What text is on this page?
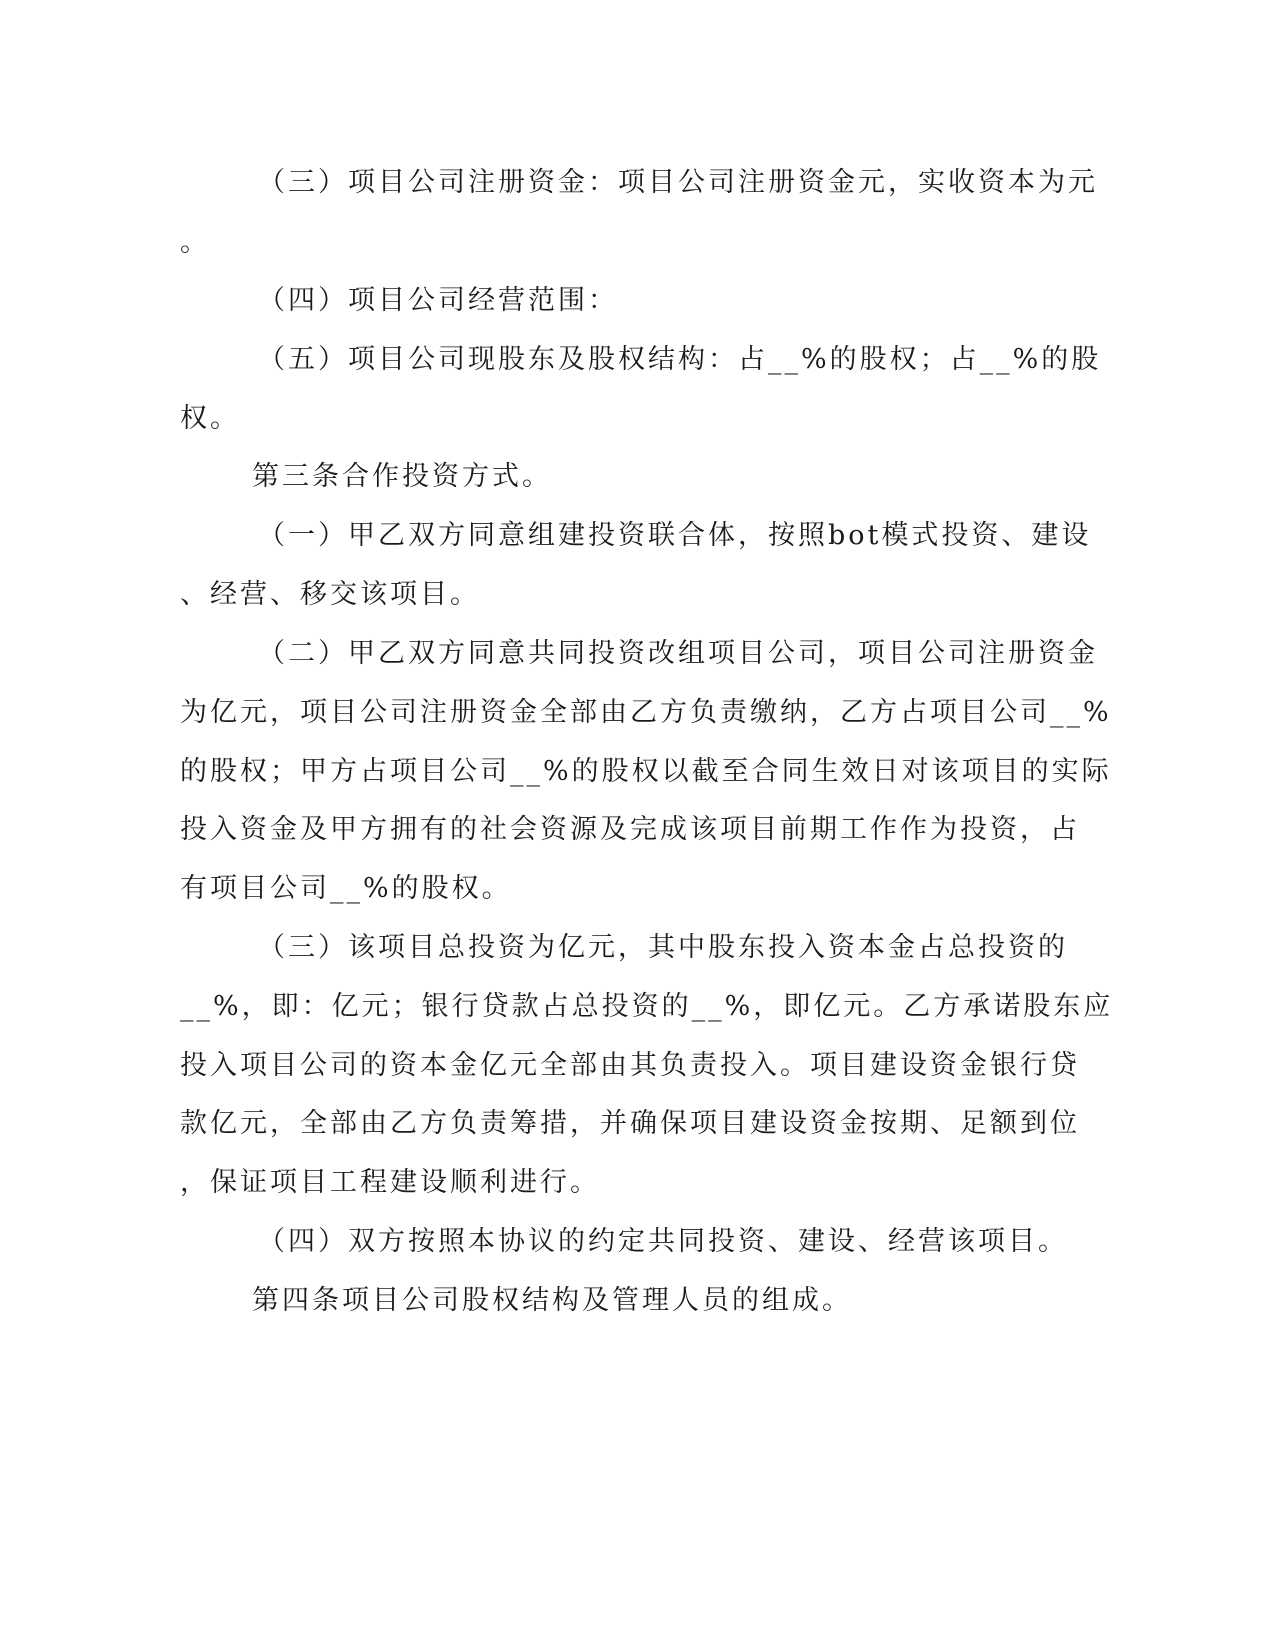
（三）项目公司注册资金：项目公司注册资金元，实收资本为元
。
（四）项目公司经营范围：
（五）项目公司现股东及股权结构：占__%的股权；占__%的股
权。
第三条合作投资方式。
（一）甲乙双方同意组建投资联合体，按照bot模式投资、建设
、经营、移交该项目。
（二）甲乙双方同意共同投资改组项目公司，项目公司注册资金
为亿元，项目公司注册资金全部由乙方负责缴纳，乙方占项目公司__%
的股权；甲方占项目公司__%的股权以截至合同生效日对该项目的实际
投入资金及甲方拥有的社会资源及完成该项目前期工作作为投资，占
有项目公司__%的股权。
（三）该项目总投资为亿元，其中股东投入资本金占总投资的
__%，即：亿元；银行贷款占总投资的__%，即亿元。乙方承诺股东应
投入项目公司的资本金亿元全部由其负责投入。项目建设资金银行贷
款亿元，全部由乙方负责筹措，并确保项目建设资金按期、足额到位
，保证项目工程建设顺利进行。
（四）双方按照本协议的约定共同投资、建设、经营该项目。
第四条项目公司股权结构及管理人员的组成。
